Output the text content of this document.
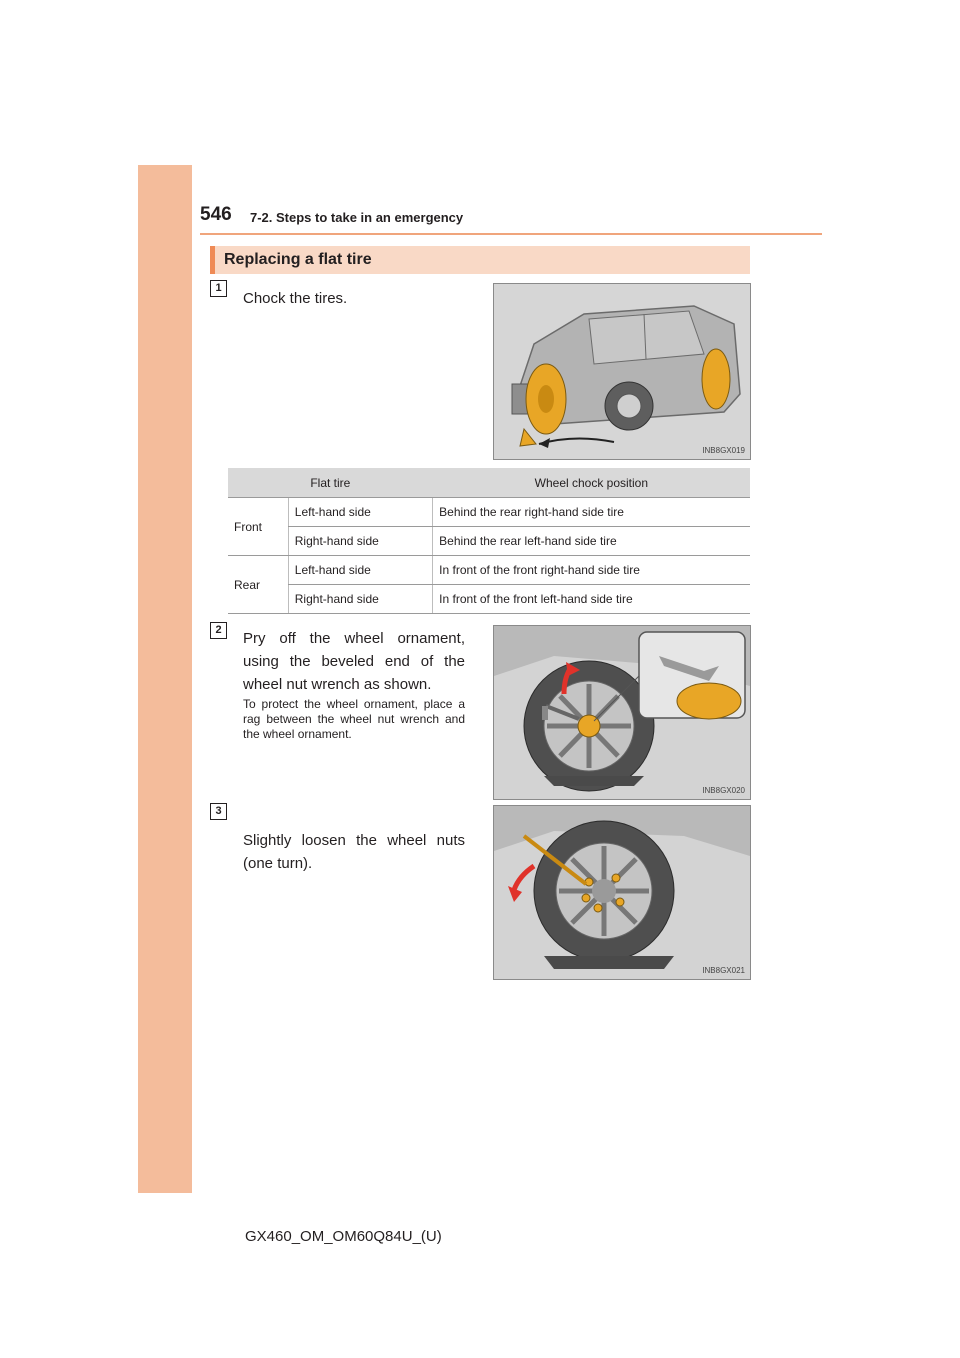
546 7-2. Steps to take in an emergency
Replacing a flat tire
1
Chock the tires.
INB8GX019
Flat tire		Wheel chock position
Front	Left-hand side	Behind the rear right-hand side tire
	Right-hand side	Behind the rear left-hand side tire
Rear	Left-hand side	In front of the front right-hand side tire
	Right-hand side	In front of the front left-hand side tire
2	Pry off the wheel ornament, using the beveled end of the wheel nut wrench as shown.
To protect the wheel ornament, place a rag between the wheel nut wrench and the wheel ornament.
INB8GX020
3
Slightly loosen the wheel nuts (one turn).
INB8GX021
GX460_OM_OM60Q84U_(U)
